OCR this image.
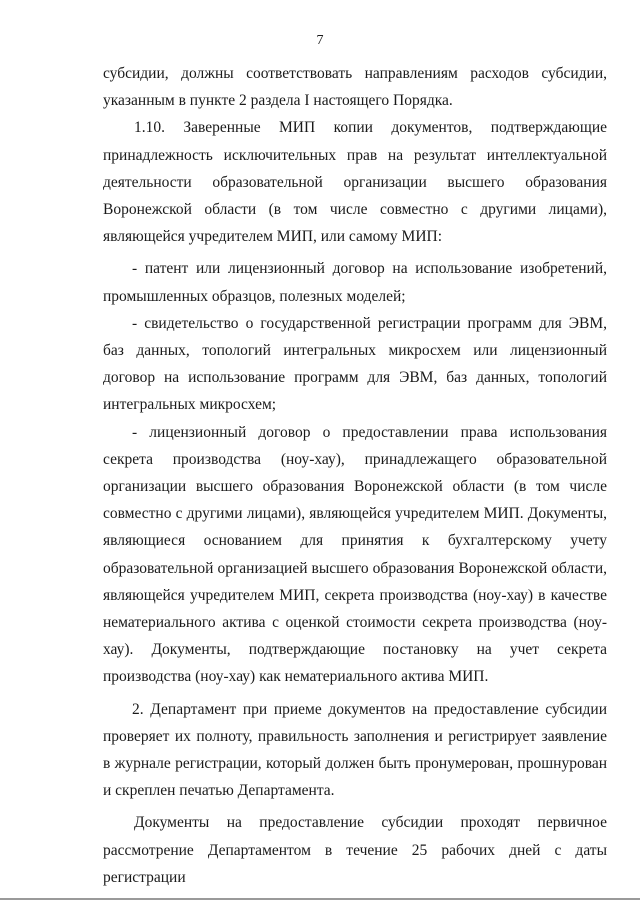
7

субсидии, должны соответствовать направлениям расходов субсидии, указанным в пункте 2 раздела I настоящего Порядка.

1.10. Заверенные МИП копии документов, подтверждающие принадлежность исключительных прав на результат интеллектуальной деятельности образовательной организации высшего образования Воронежской области (в том числе совместно с другими лицами), являющейся учредителем МИП, или самому МИП:

- патент или лицензионный договор на использование изобретений, промышленных образцов, полезных моделей;

- свидетельство о государственной регистрации программ для ЭВМ, баз данных, топологий интегральных микросхем или лицензионный договор на использование программ для ЭВМ, баз данных, топологий интегральных микросхем;

- лицензионный договор о предоставлении права использования секрета производства (ноу-хау), принадлежащего образовательной организации высшего образования Воронежской области (в том числе совместно с другими лицами), являющейся учредителем МИП. Документы, являющиеся основанием для принятия к бухгалтерскому учету образовательной организацией высшего образования Воронежской области, являющейся учредителем МИП, секрета производства (ноу-хау) в качестве нематериального актива с оценкой стоимости секрета производства (ноу-хау). Документы, подтверждающие постановку на учет секрета производства (ноу-хау) как нематериального актива МИП.

2. Департамент при приеме документов на предоставление субсидии проверяет их полноту, правильность заполнения и регистрирует заявление в журнале регистрации, который должен быть пронумерован, прошнурован и скреплен печатью Департамента.

Документы на предоставление субсидии проходят первичное рассмотрение Департаментом в течение 25 рабочих дней с даты регистрации
